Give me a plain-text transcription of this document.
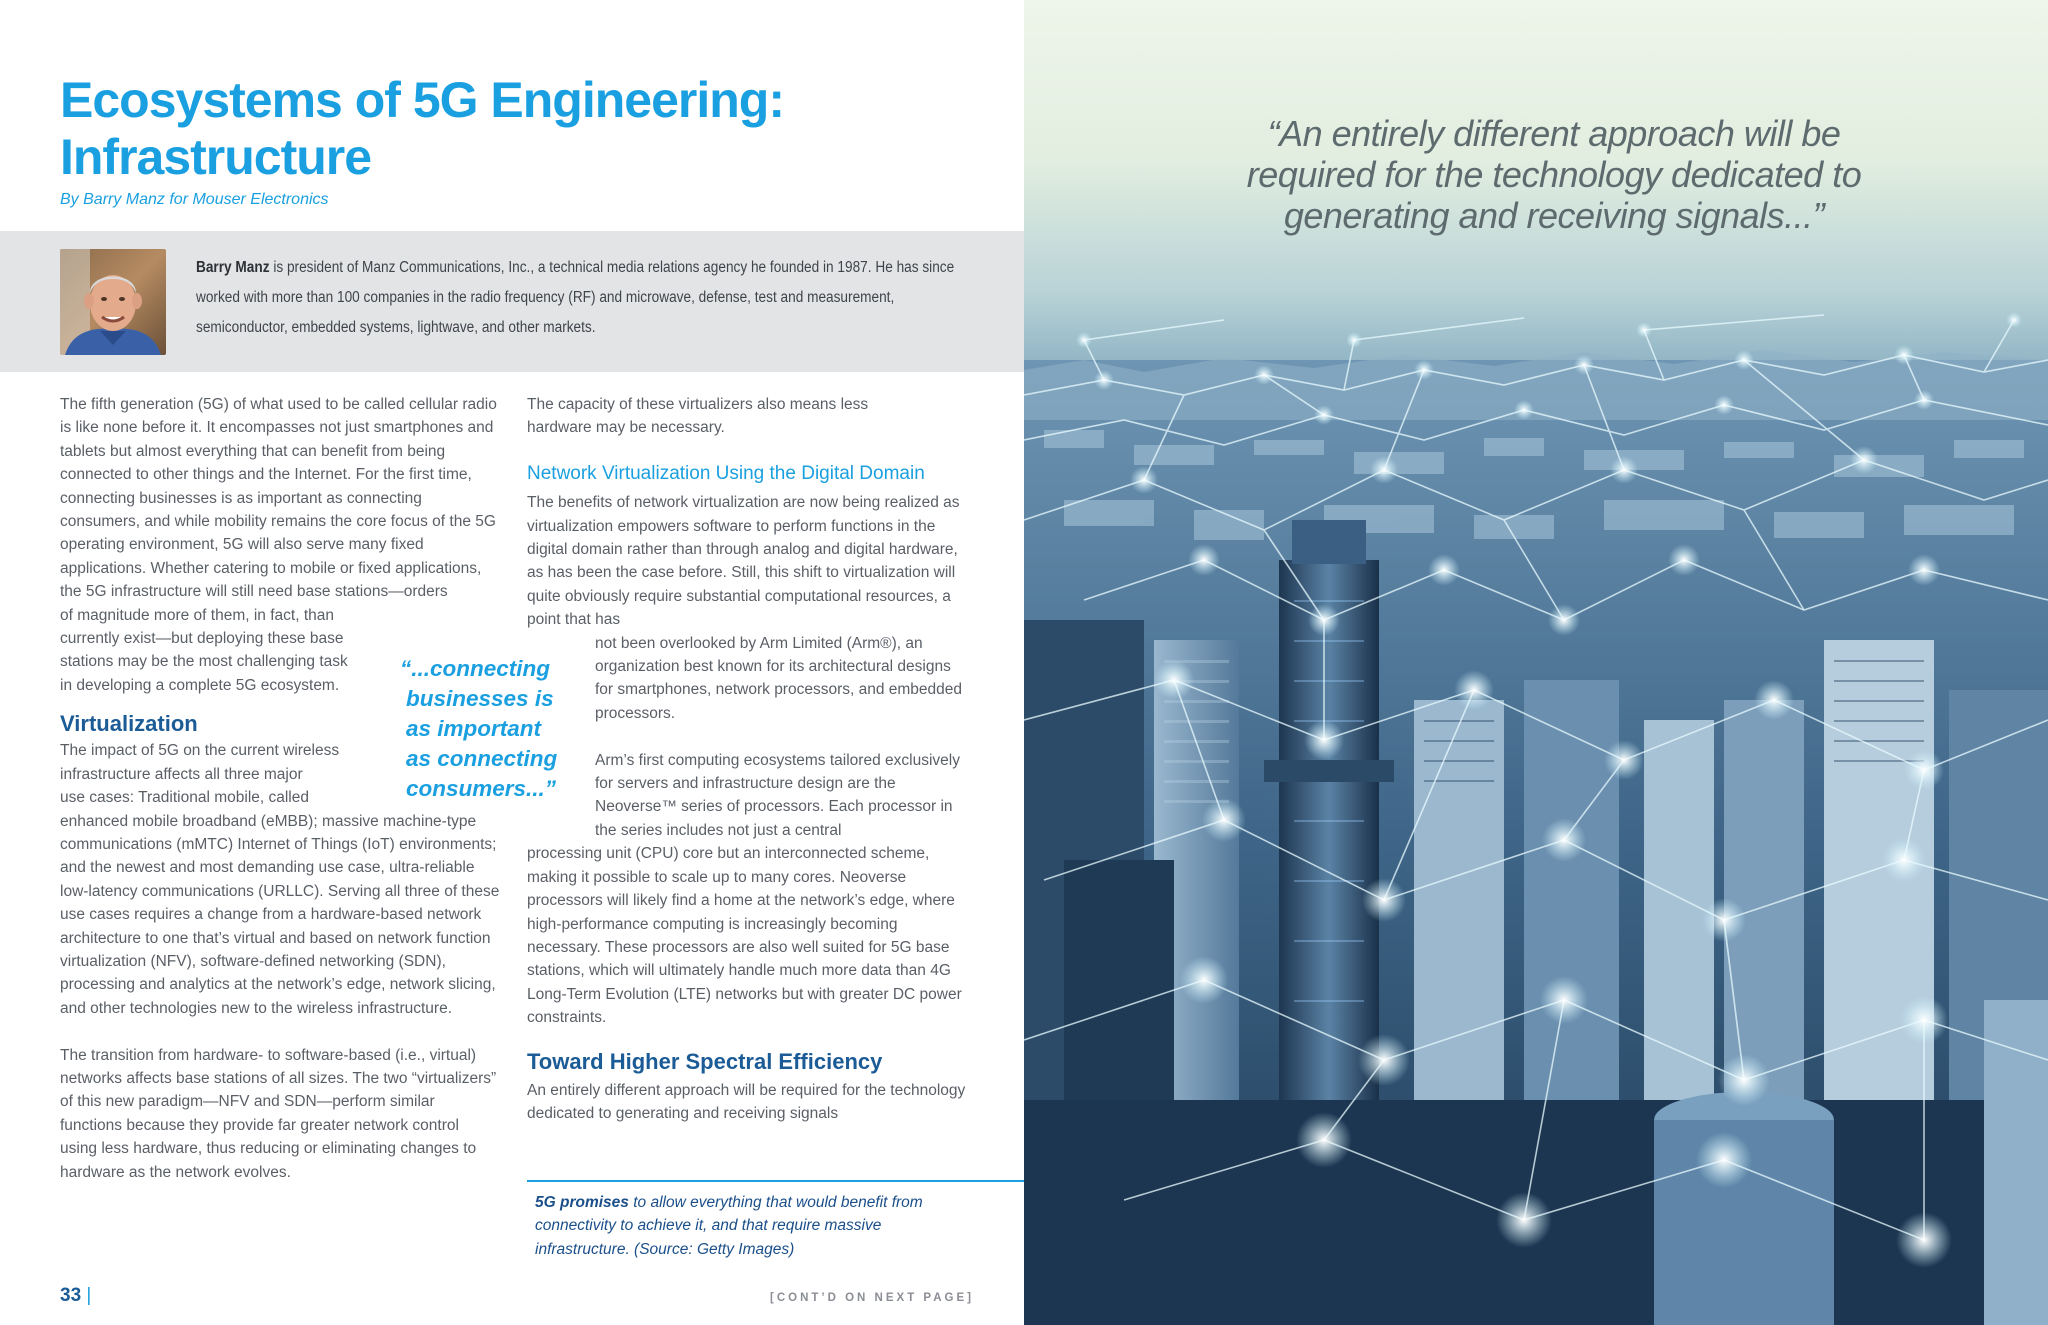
Ecosystems of 5G Engineering:
Infrastructure
By Barry Manz for Mouser Electronics
Barry Manz is president of Manz Communications, Inc., a technical media relations agency he founded in 1987. He has since worked with more than 100 companies in the radio frequency (RF) and microwave, defense, test and measurement, semiconductor, embedded systems, lightwave, and other markets.

The fifth generation (5G) of what used to be called cellular radio is like none before it. It encompasses not just smartphones and tablets but almost everything that can benefit from being connected to other things and the Internet. For the first time, connecting businesses is as important as connecting consumers, and while mobility remains the core focus of the 5G operating environment, 5G will also serve many fixed applications. Whether catering to mobile or fixed applications, the 5G infrastructure will still need base stations—orders

of magnitude more of them, in fact, than
currently exist—but deploying these base
stations may be the most challenging task
in developing a complete 5G ecosystem.
Virtualization
The impact of 5G on the current wireless
infrastructure affects all three major
use cases: Traditional mobile, called

enhanced mobile broadband (eMBB); massive machine-type communications (mMTC) Internet of Things (IoT) environments; and the newest and most demanding use case, ultra-reliable low-latency communications (URLLC). Serving all three of these use cases requires a change from a hardware-based network architecture to one that’s virtual and based on network function virtualization (NFV), software-defined networking (SDN), processing and analytics at the network’s edge, network slicing, and other technologies new to the wireless infrastructure.

The transition from hardware- to software-based (i.e., virtual) networks affects base stations of all sizes. The two “virtualizers” of this new paradigm—NFV and SDN—perform similar functions because they provide far greater network control using less hardware, thus reducing or eliminating changes to hardware as the network evolves.

“...connecting
businesses is
as important
as connecting
consumers...”

The capacity of these virtualizers also means less hardware may be necessary.

Network Virtualization Using the Digital Domain

The benefits of network virtualization are now being realized as virtualization empowers software to perform functions in the digital domain rather than through analog and digital hardware, as has been the case before. Still, this shift to virtualization will quite obviously require substantial computational resources, a point that has

not been overlooked by Arm Limited (Arm®), an organization best known for its architectural designs for smartphones, network processors, and embedded processors.

Arm’s first computing ecosystems tailored exclusively for servers and infrastructure design are the Neoverse™ series of processors. Each processor in the series includes not just a central

processing unit (CPU) core but an interconnected scheme, making it possible to scale up to many cores. Neoverse processors will likely find a home at the network’s edge, where high-performance computing is increasingly becoming necessary. These processors are also well suited for 5G base stations, which will ultimately handle much more data than 4G Long-Term Evolution (LTE) networks but with greater DC power constraints.

Toward Higher Spectral Efficiency

An entirely different approach will be required for the technology dedicated to generating and receiving signals

5G promises to allow everything that would benefit from connectivity to achieve it, and that require massive infrastructure. (Source: Getty Images)
33 |	[CONT’D ON NEXT PAGE]
“An entirely different approach will be
required for the technology dedicated to
generating and receiving signals...”
